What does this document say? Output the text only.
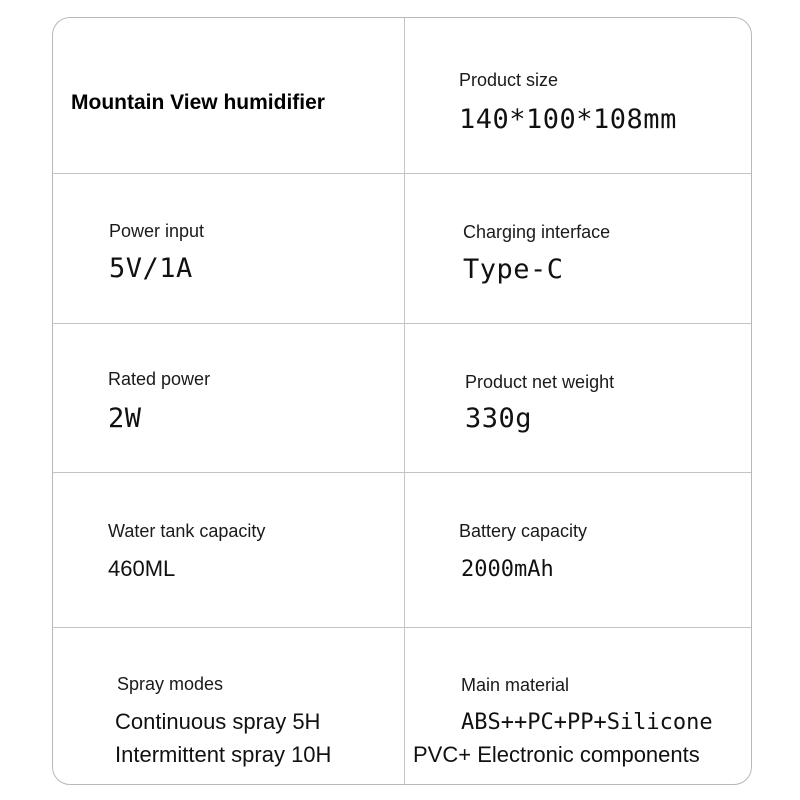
Mountain View humidifier
Product size
140*100*108mm
Power input
5V/1A
Charging interface
Type-C
Rated power
2W
Product net weight
330g
Water tank capacity
460ML
Battery capacity
2000mAh
Spray modes
Continuous spray 5H
Intermittent spray 10H
Main material
ABS++PC+PP+Silicone
PVC+ Electronic components
